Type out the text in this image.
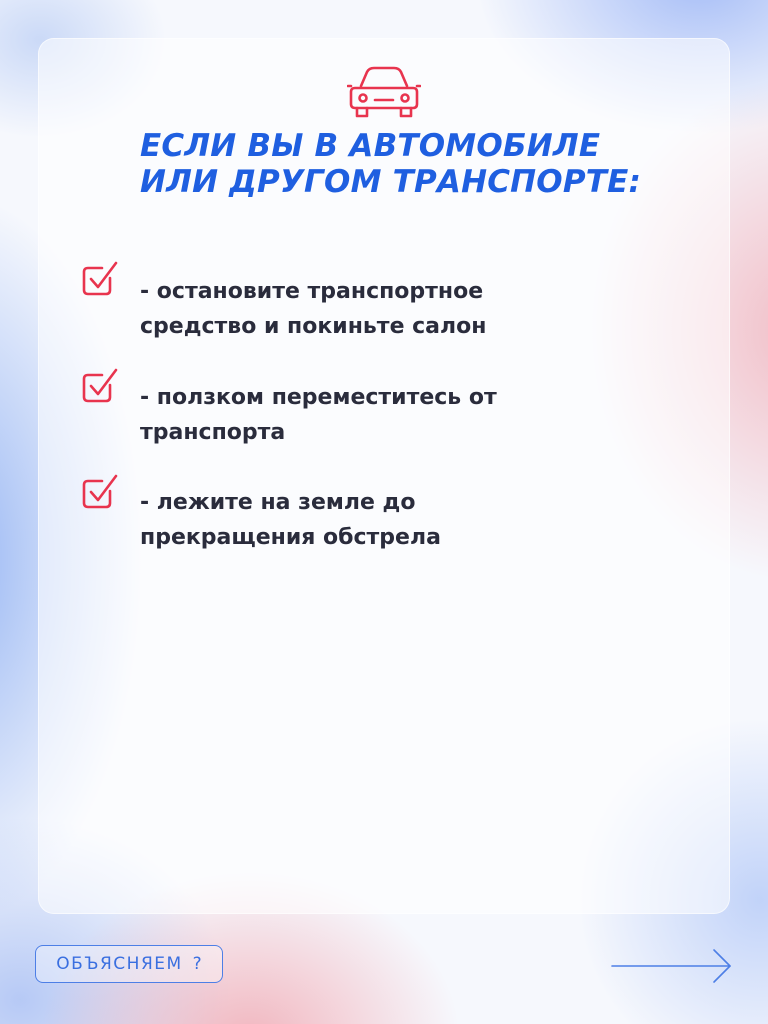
ЕСЛИ ВЫ В АВТОМОБИЛЕ
ИЛИ ДРУГОМ ТРАНСПОРТЕ:
- остановите транспортное
средство и покиньте салон
- ползком переместитесь от
транспорта
- лежите на земле до
прекращения обстрела
ОБЪЯСНЯЕМ ?
